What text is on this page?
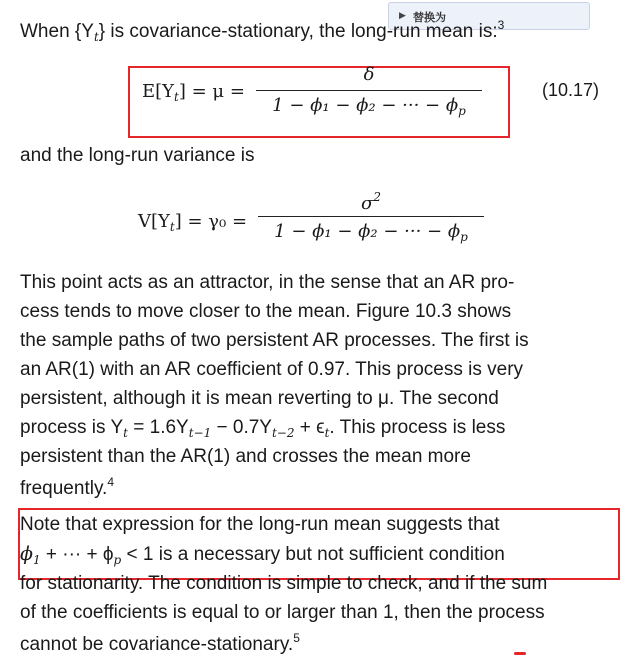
▶ 替换为
When $\{Y_t\}$ is covariance-stationary, the long-run mean is:$^3$
$E[Y_t] = \mu$ =
δ
1 − ϕ₁ − ϕ₂ − ··· − $\phi_p$
(10.17)
and the long-run variance is
$V[Y_t] = \gamma_0$ =
$\sigma^2$
1 − ϕ₁ − ϕ₂ − ··· − $\phi_p$
This point acts as an attractor, in the sense that an AR pro-
cess tends to move closer to the mean. Figure 10.3 shows
the sample paths of two persistent AR processes. The first is
an AR(1) with an AR coefficient of 0.97. This process is very
persistent, although it is mean reverting to μ. The second
process is $Y_t = 1.6Y_{t-1} - 0.7Y_{t-2} + \epsilon_t$. This process is less
persistent than the AR(1) and crosses the mean more
frequently.$^4$
Note that expression for the long-run mean suggests that
$\phi_1$ + ··· + $\phi_p < 1$ is a necessary but not sufficient condition
for stationarity. The condition is simple to check, and if the sum
of the coefficients is equal to or larger than 1, then the process
cannot be covariance-stationary.$^5$
